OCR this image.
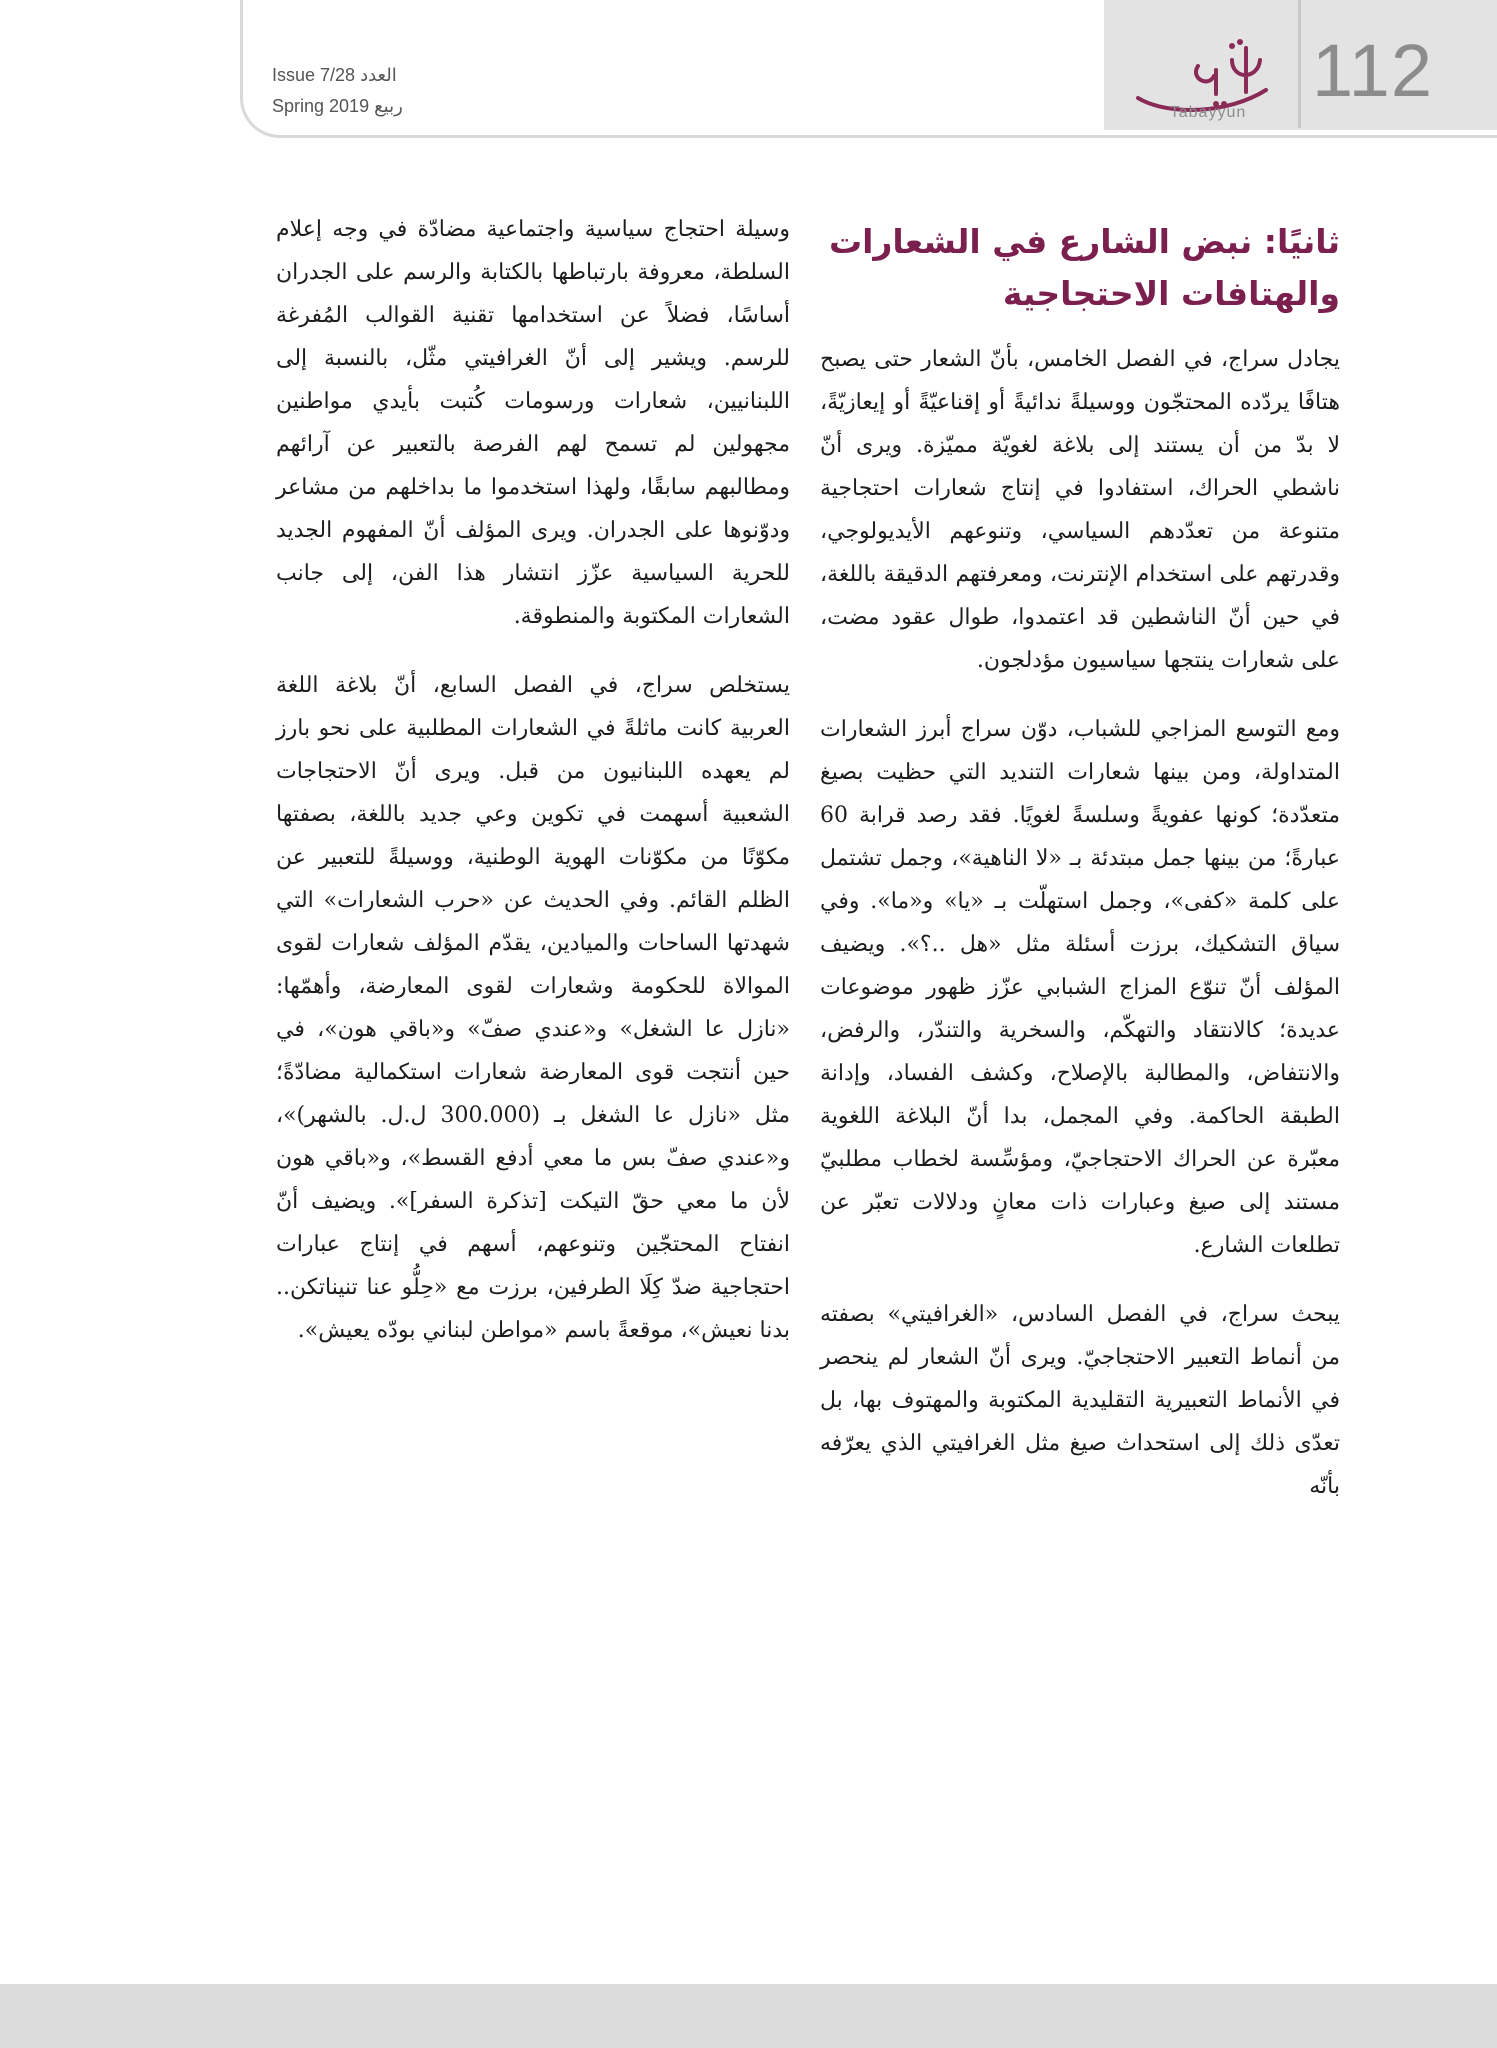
112
Tabayyun
Issue 7/28 العدد
Spring 2019 ربيع
ثانيًا: نبض الشارع في الشعارات والهتافات الاحتجاجية

يجادل سراج، في الفصل الخامس، بأنّ الشعار حتى يصبح هتافًا يردّده المحتجّون ووسيلةً ندائيةً أو إقناعيّةً أو إيعازيّةً، لا بدّ من أن يستند إلى بلاغة لغويّة مميّزة. ويرى أنّ ناشطي الحراك، استفادوا في إنتاج شعارات احتجاجية متنوعة من تعدّدهم السياسي، وتنوعهم الأيديولوجي، وقدرتهم على استخدام الإنترنت، ومعرفتهم الدقيقة باللغة، في حين أنّ الناشطين قد اعتمدوا، طوال عقود مضت، على شعارات ينتجها سياسيون مؤدلجون.

ومع التوسع المزاجي للشباب، دوّن سراج أبرز الشعارات المتداولة، ومن بينها شعارات التنديد التي حظيت بصيغ متعدّدة؛ كونها عفويةً وسلسةً لغويًا. فقد رصد قرابة 60 عبارةً؛ من بينها جمل مبتدئة بـ «لا الناهية»، وجمل تشتمل على كلمة «كفى»، وجمل استهلّت بـ «يا» و«ما». وفي سياق التشكيك، برزت أسئلة مثل «هل ..؟». ويضيف المؤلف أنّ تنوّع المزاج الشبابي عزّز ظهور موضوعات عديدة؛ كالانتقاد والتهكّم، والسخرية والتندّر، والرفض، والانتفاض، والمطالبة بالإصلاح، وكشف الفساد، وإدانة الطبقة الحاكمة. وفي المجمل، بدا أنّ البلاغة اللغوية معبّرة عن الحراك الاحتجاجيّ، ومؤسِّسة لخطاب مطلبيّ مستند إلى صيغ وعبارات ذات معانٍ ودلالات تعبّر عن تطلعات الشارع.

يبحث سراج، في الفصل السادس، «الغرافيتي» بصفته من أنماط التعبير الاحتجاجيّ. ويرى أنّ الشعار لم ينحصر في الأنماط التعبيرية التقليدية المكتوبة والمهتوف بها، بل تعدّى ذلك إلى استحداث صيغ مثل الغرافيتي الذي يعرّفه بأنّه

وسيلة احتجاج سياسية واجتماعية مضادّة في وجه إعلام السلطة، معروفة بارتباطها بالكتابة والرسم على الجدران أساسًا، فضلاً عن استخدامها تقنية القوالب المُفرغة للرسم. ويشير إلى أنّ الغرافيتي مثّل، بالنسبة إلى اللبنانيين، شعارات ورسومات كُتبت بأيدي مواطنين مجهولين لم تسمح لهم الفرصة بالتعبير عن آرائهم ومطالبهم سابقًا، ولهذا استخدموا ما بداخلهم من مشاعر ودوّنوها على الجدران. ويرى المؤلف أنّ المفهوم الجديد للحرية السياسية عزّز انتشار هذا الفن، إلى جانب الشعارات المكتوبة والمنطوقة.

يستخلص سراج، في الفصل السابع، أنّ بلاغة اللغة العربية كانت ماثلةً في الشعارات المطلبية على نحو بارز لم يعهده اللبنانيون من قبل. ويرى أنّ الاحتجاجات الشعبية أسهمت في تكوين وعي جديد باللغة، بصفتها مكوّنًا من مكوّنات الهوية الوطنية، ووسيلةً للتعبير عن الظلم القائم. وفي الحديث عن «حرب الشعارات» التي شهدتها الساحات والميادين، يقدّم المؤلف شعارات لقوى الموالاة للحكومة وشعارات لقوى المعارضة، وأهمّها: «نازل عا الشغل» و«عندي صفّ» و«باقي هون»، في حين أنتجت قوى المعارضة شعارات استكمالية مضادّةً؛ مثل «نازل عا الشغل بـ (300.000 ل.ل. بالشهر)»، و«عندي صفّ بس ما معي أدفع القسط»، و«باقي هون لأن ما معي حقّ التيكت [تذكرة السفر]». ويضيف أنّ انفتاح المحتجّين وتنوعهم، أسهم في إنتاج عبارات احتجاجية ضدّ كِلَا الطرفين، برزت مع «حِلُّو عنا تنيناتكن.. بدنا نعيش»، موقعةً باسم «مواطن لبناني بودّه يعيش».
